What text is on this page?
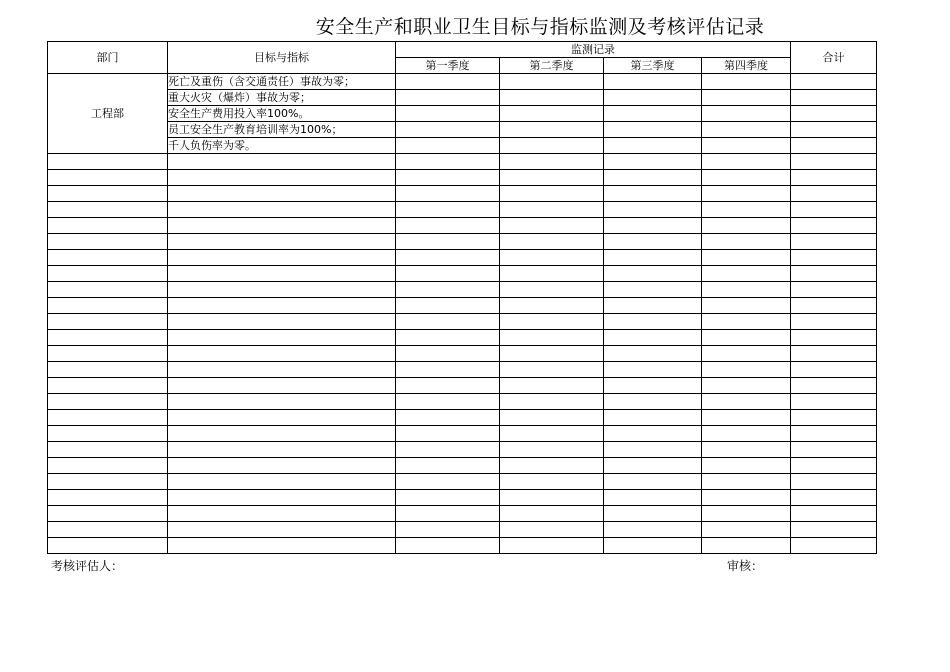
安全生产和职业卫生目标与指标监测及考核评估记录
部门	目标与指标	监测记录				合计
		第一季度	第二季度	第三季度	第四季度	
工程部	死亡及重伤（含交通责任）事故为零；					
	重大火灾（爆炸）事故为零；					
	安全生产费用投入率100%。					
	员工安全生产教育培训率为100%；					
	千人负伤率为零。					

考核评估人：	审核：
